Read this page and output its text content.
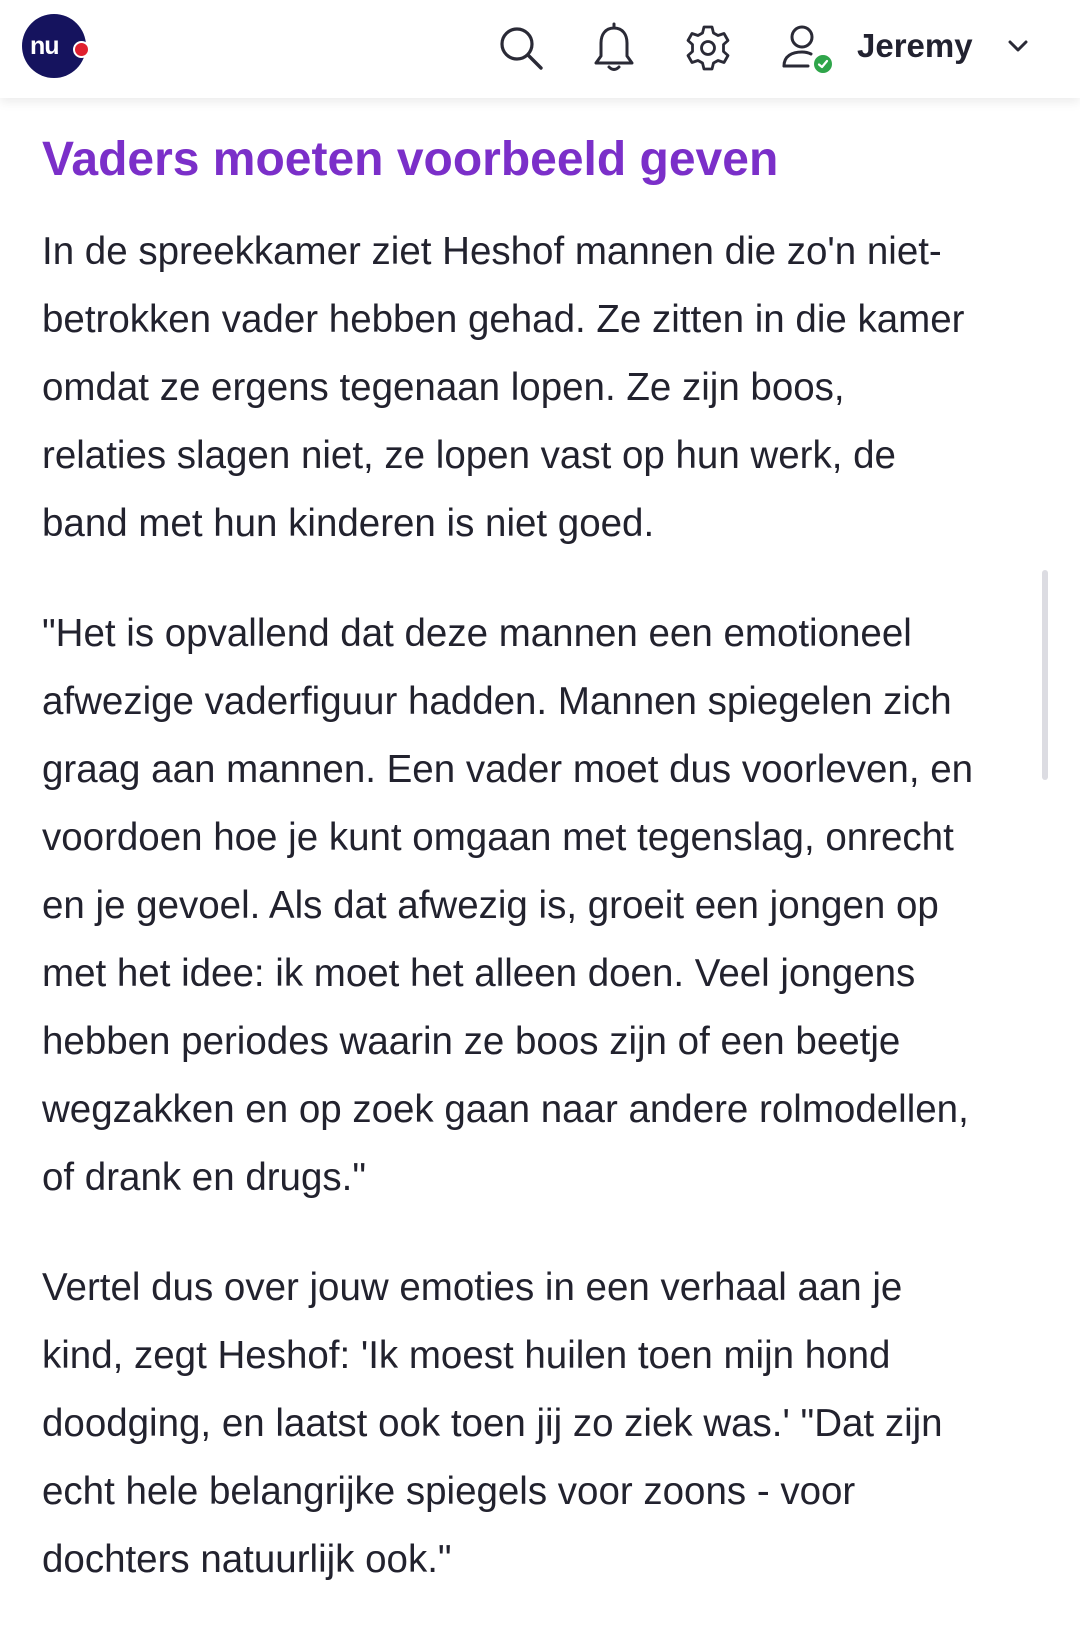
nu	Jeremy
Vaders moeten voorbeeld geven

In de spreekkamer ziet Heshof mannen die zo'n niet-
betrokken vader hebben gehad. Ze zitten in die kamer
omdat ze ergens tegenaan lopen. Ze zijn boos,
relaties slagen niet, ze lopen vast op hun werk, de
band met hun kinderen is niet goed.

"Het is opvallend dat deze mannen een emotioneel
afwezige vaderfiguur hadden. Mannen spiegelen zich
graag aan mannen. Een vader moet dus voorleven, en
voordoen hoe je kunt omgaan met tegenslag, onrecht
en je gevoel. Als dat afwezig is, groeit een jongen op
met het idee: ik moet het alleen doen. Veel jongens
hebben periodes waarin ze boos zijn of een beetje
wegzakken en op zoek gaan naar andere rolmodellen,
of drank en drugs."

Vertel dus over jouw emoties in een verhaal aan je
kind, zegt Heshof: 'Ik moest huilen toen mijn hond
doodging, en laatst ook toen jij zo ziek was.' "Dat zijn
echt hele belangrijke spiegels voor zoons - voor
dochters natuurlijk ook."
